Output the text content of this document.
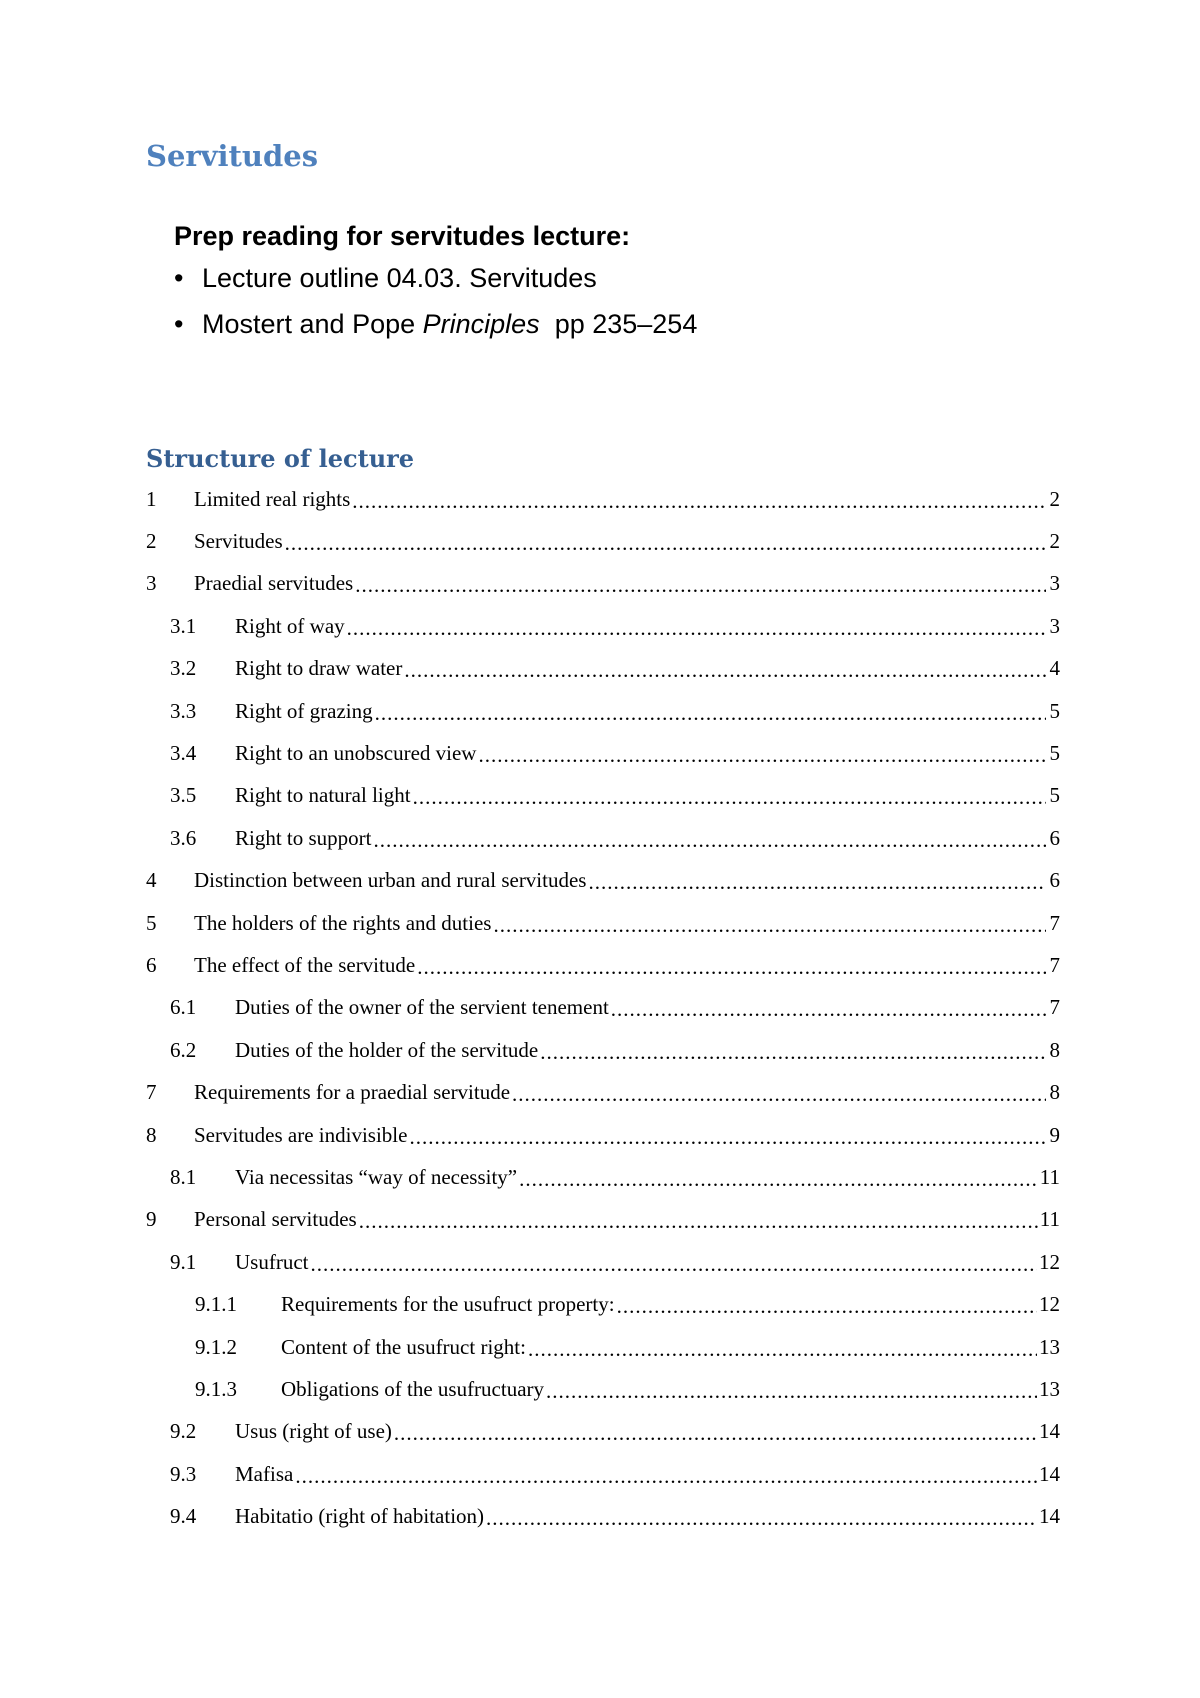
Servitudes

Prep reading for servitudes lecture:

• Lecture outline 04.03. Servitudes
• Mostert and Pope Principles  pp 235–254
Structure of lecture
1	Limited real rights .....	2
2	Servitudes .....	2
3	Praedial servitudes .....	3
3.1	Right of way .....	3
3.2	Right to draw water .....	4
3.3	Right of grazing .....	5
3.4	Right to an unobscured view .....	5
3.5	Right to natural light .....	5
3.6	Right to support .....	6
4	Distinction between urban and rural servitudes .....	6
5	The holders of the rights and duties .....	7
6	The effect of the servitude .....	7
6.1	Duties of the owner of the servient tenement .....	7
6.2	Duties of the holder of the servitude .....	8
7	Requirements for a praedial servitude .....	8
8	Servitudes are indivisible .....	9
8.1	Via necessitas “way of necessity” .....	11
9	Personal servitudes .....	11
9.1	Usufruct .....	12
9.1.1	Requirements for the usufruct property: .....	12
9.1.2	Content of the usufruct right: .....	13
9.1.3	Obligations of the usufructuary .....	13
9.2	Usus (right of use) .....	14
9.3	Mafisa .....	14
9.4	Habitatio (right of habitation) .....	14
